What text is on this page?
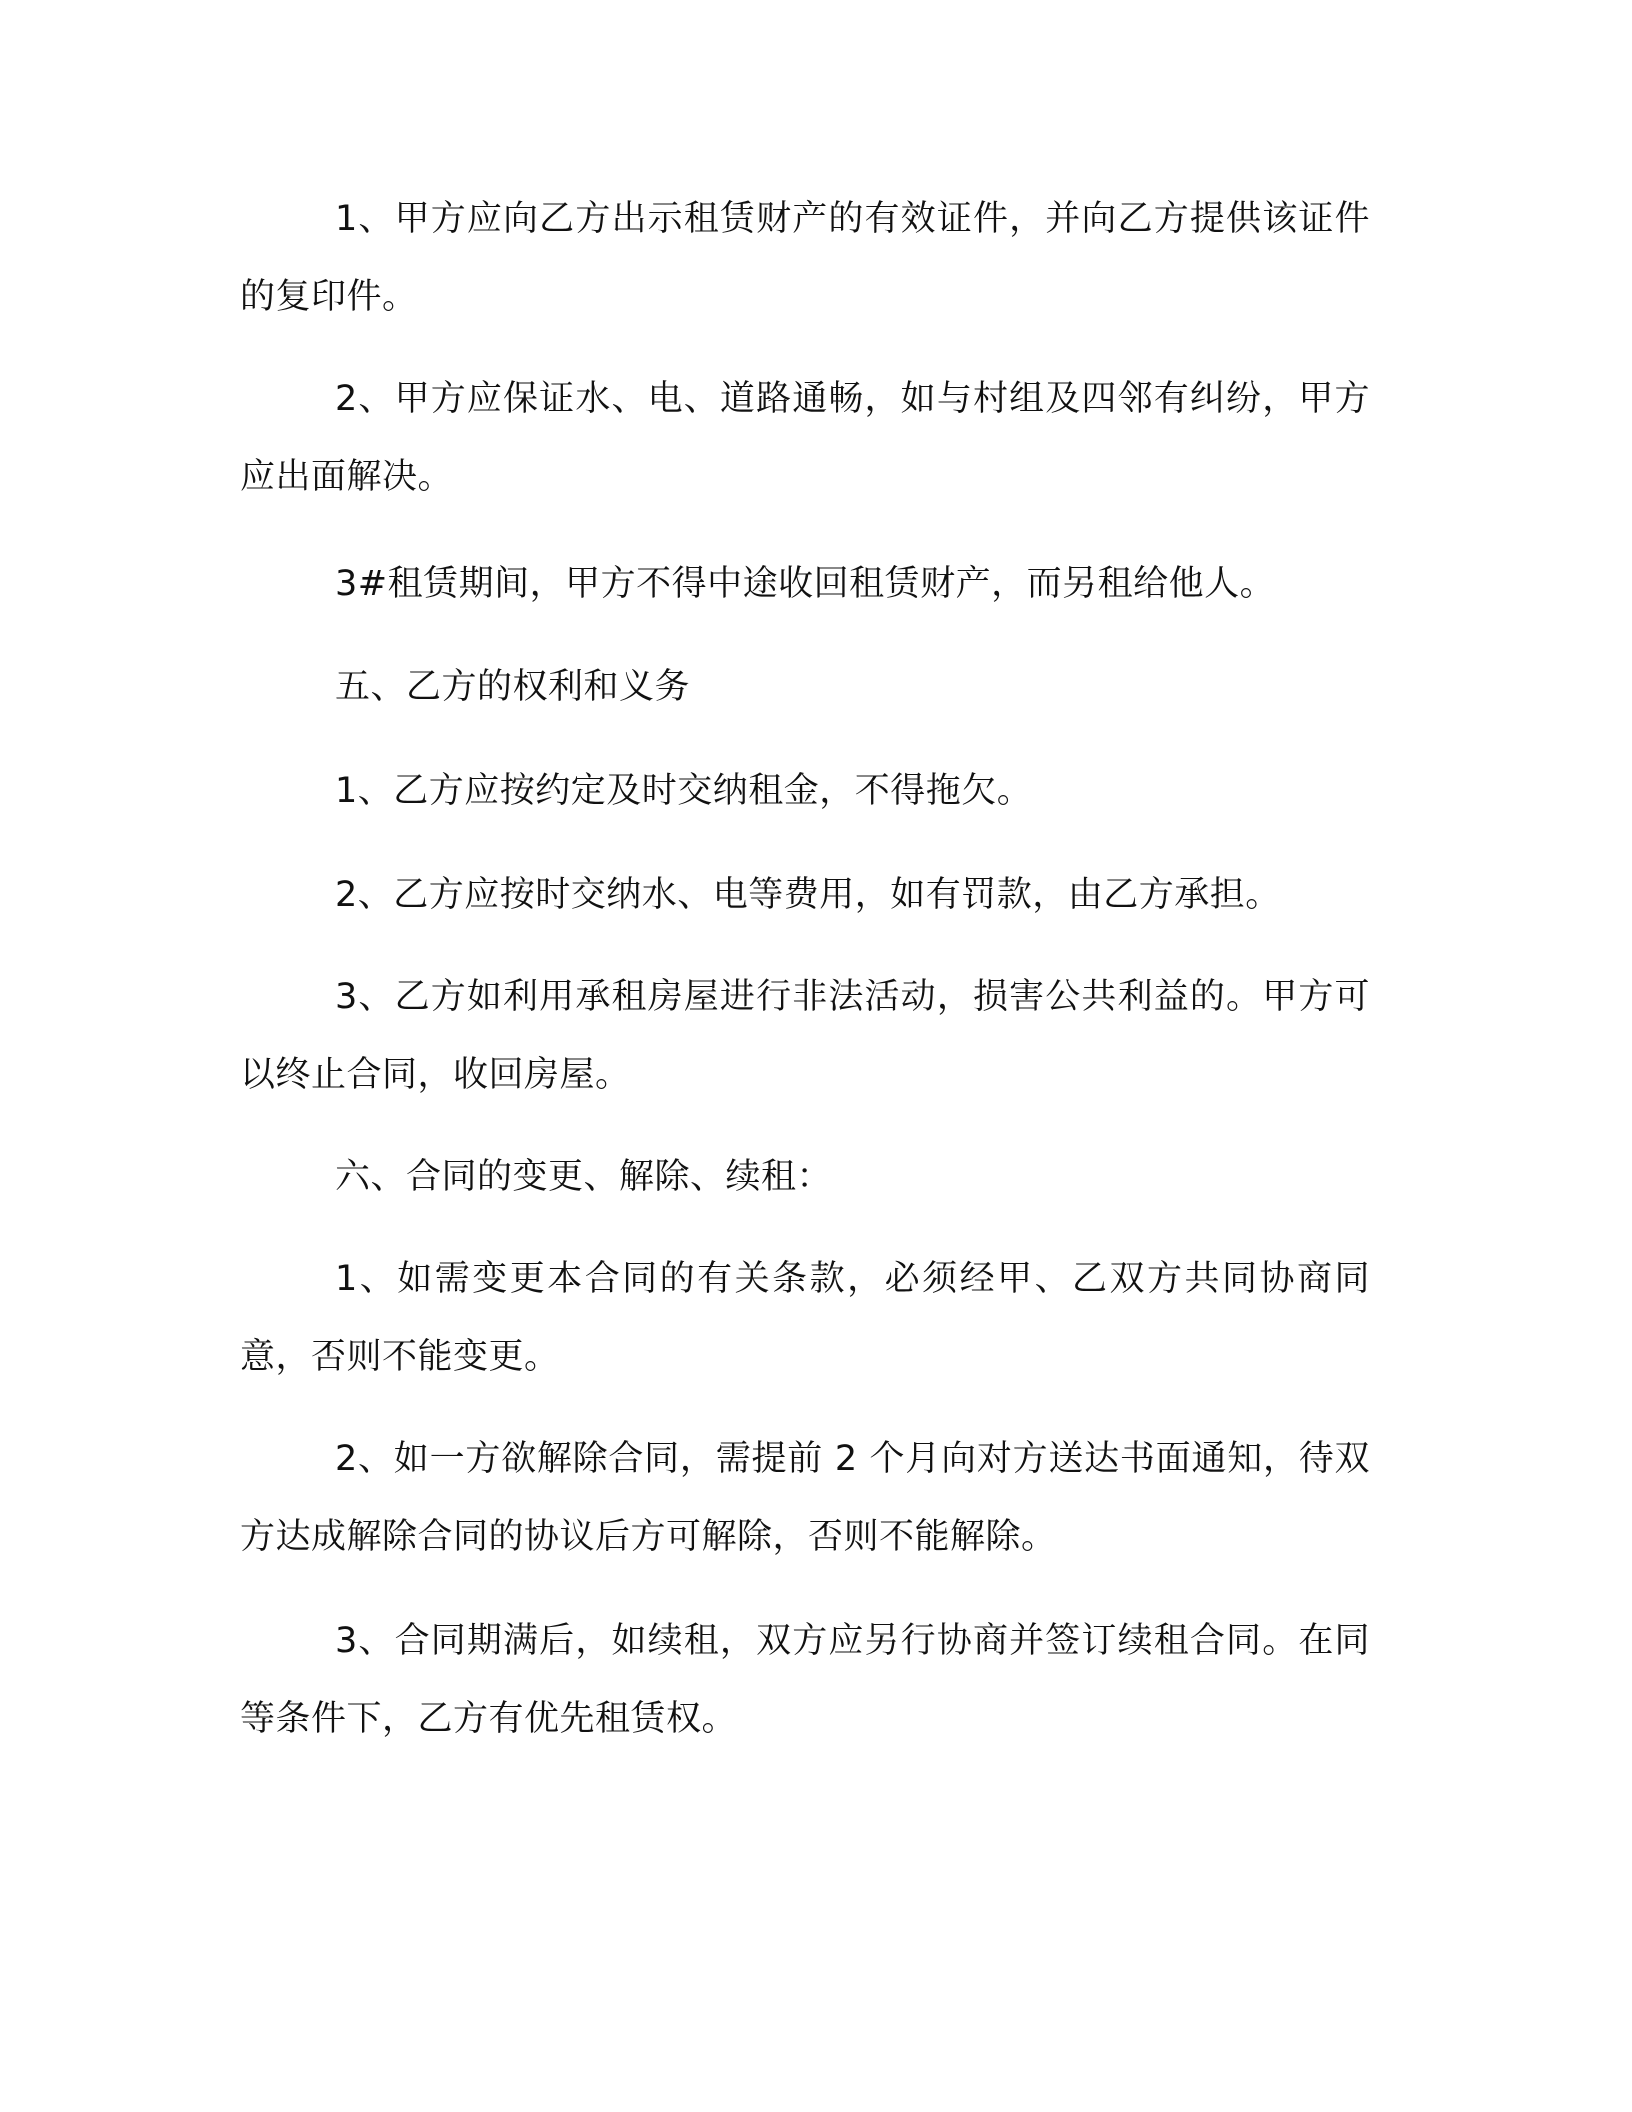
1、甲方应向乙方出示租赁财产的有效证件，并向乙方提供该证件的复印件。

2、甲方应保证水、电、道路通畅，如与村组及四邻有纠纷，甲方应出面解决。

3#租赁期间，甲方不得中途收回租赁财产，而另租给他人。

五、乙方的权利和义务

1、乙方应按约定及时交纳租金，不得拖欠。

2、乙方应按时交纳水、电等费用，如有罚款，由乙方承担。

3、乙方如利用承租房屋进行非法活动，损害公共利益的。甲方可以终止合同，收回房屋。

六、合同的变更、解除、续租：

1、如需变更本合同的有关条款，必须经甲、乙双方共同协商同意，否则不能变更。

2、如一方欲解除合同，需提前 2 个月向对方送达书面通知，待双方达成解除合同的协议后方可解除，否则不能解除。

3、合同期满后，如续租，双方应另行协商并签订续租合同。在同等条件下，乙方有优先租赁权。
